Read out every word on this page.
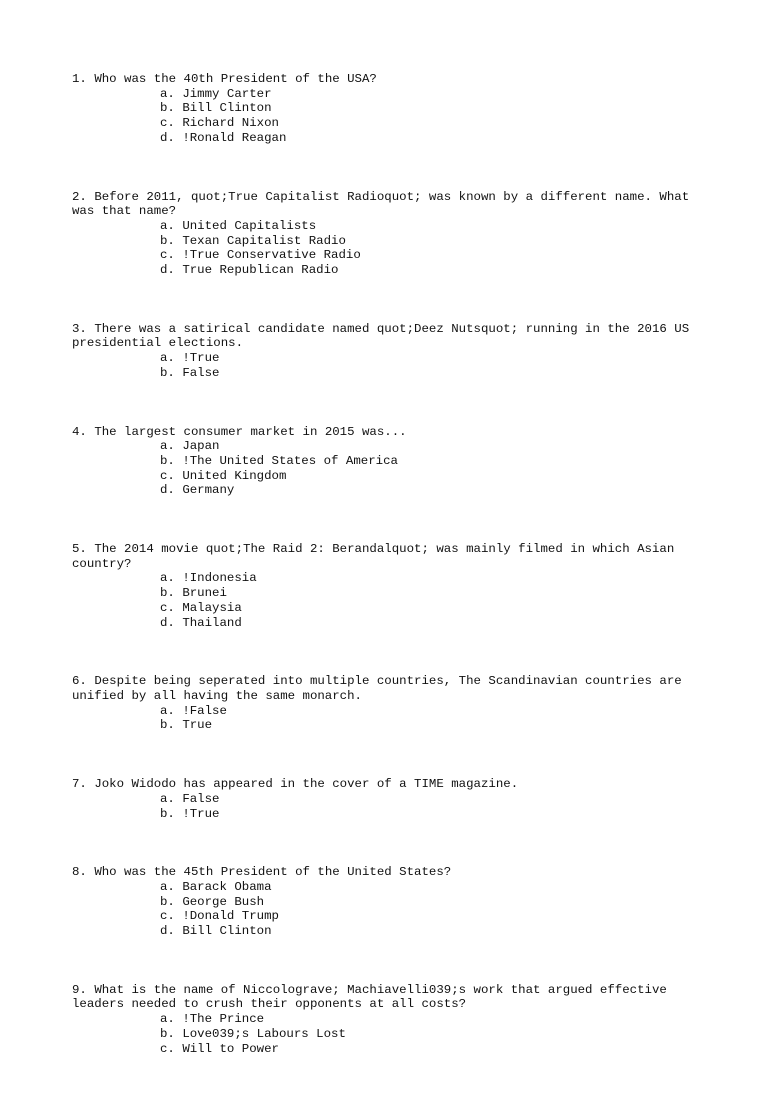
1. Who was the 40th President of the USA?

a. Jimmy Carter
b. Bill Clinton
c. Richard Nixon
d. !Ronald Reagan

2. Before 2011, quot;True Capitalist Radioquot; was known by a different name. What was that name?

a. United Capitalists
b. Texan Capitalist Radio
c. !True Conservative Radio
d. True Republican Radio

3. There was a satirical candidate named quot;Deez Nutsquot; running in the 2016 US presidential elections.

a. !True
b. False

4. The largest consumer market in 2015 was...

a. Japan
b. !The United States of America
c. United Kingdom
d. Germany

5. The 2014 movie quot;The Raid 2: Berandalquot; was mainly filmed in which Asian country?

a. !Indonesia
b. Brunei
c. Malaysia
d. Thailand

6. Despite being seperated into multiple countries, The Scandinavian countries are unified by all having the same monarch.

a. !False
b. True

7. Joko Widodo has appeared in the cover of a TIME magazine.

a. False
b. !True

8. Who was the 45th President of the United States?

a. Barack Obama
b. George Bush
c. !Donald Trump
d. Bill Clinton

9. What is the name of Niccolograve; Machiavelli039;s work that argued effective leaders needed to crush their opponents at all costs?

a. !The Prince
b. Love039;s Labours Lost
c. Will to Power
